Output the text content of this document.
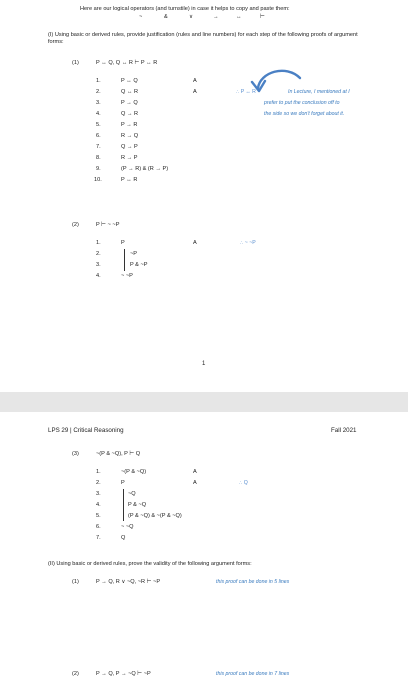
Here are our logical operators (and turnstile) in case it helps to copy and paste them:
~	&	∨	→	↔	⊢
(I) Using basic or derived rules, provide justification (rules and line numbers) for each step of the following proofs of argument forms:
(1)	P ↔ Q, Q ↔ R ⊢ P ↔ R
1.	P ↔ Q	A
2.	Q ↔ R	A
3.	P → Q
4.	Q → R
5.	P → R
6.	R → Q
7.	Q → P
8.	R → P
9.	(P → R) & (R → P)
10.	P ↔ R
∴ P ↔ R	In Lecture, I mentioned at I
prefer to put the conclusion off to
the side so we don't forget about it.
(2)	P ⊢ ~ ~P
1.	P	A
2.	~P
3.	P & ~P
4.	~ ~P
∴ ~ ~P
1
LPS 29 | Critical Reasoning	Fall 2021
(3)	~(P & ~Q), P ⊢ Q
1.	~(P & ~Q)	A
2.	P	A
3.	~Q
4.	P & ~Q
5.	(P & ~Q) & ~(P & ~Q)
6.	~ ~Q
7.	Q
∴ Q
(II) Using basic or derived rules, prove the validity of the following argument forms:
(1)	P → Q, R ∨ ~Q, ~R ⊢ ~P	this proof can be done in 5 lines
(2)	P → Q, P → ~Q ⊢ ~P	this proof can be done in 7 lines
